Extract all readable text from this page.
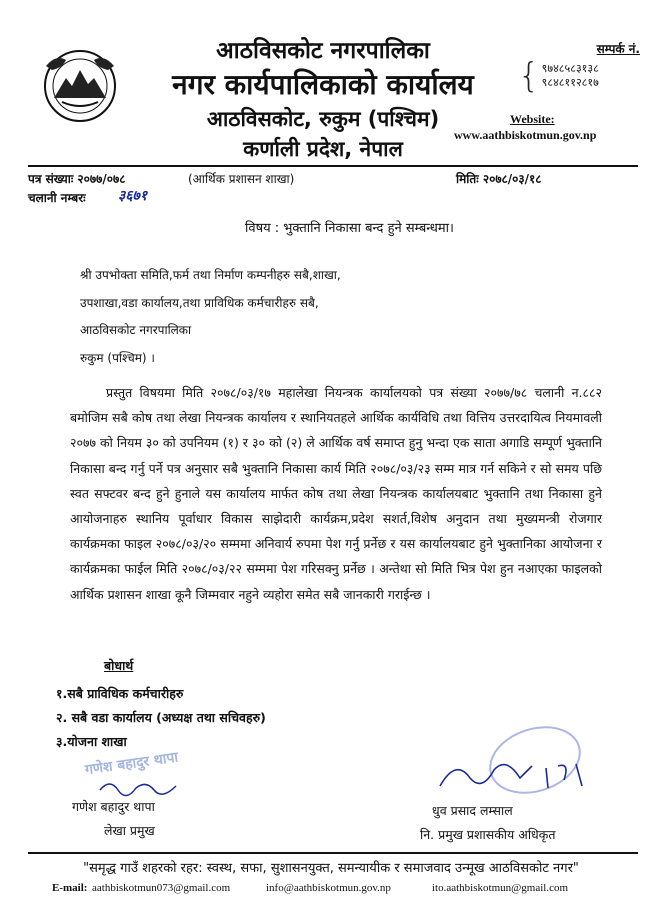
आठविसकोट नगरपालिका
नगर कार्यपालिकाको कार्यालय
आठविसकोट, रुकुम (पश्चिम)
कर्णाली प्रदेश, नेपाल
सम्पर्क नं.
{ ९७४८५८३१३८
९८४८११२८१७
Website:
www.aathbiskotmun.gov.np
पत्र संख्याः २०७७/०७८	(आर्थिक प्रशासन शाखा)	मितिः २०७८/०३/१८
चलानी नम्बरः ३६७१
विषय : भुक्तानि निकासा बन्द हुने सम्बन्धमा।
श्री उपभोक्ता समिति,फर्म तथा निर्माण कम्पनीहरु सबै,शाखा,
उपशाखा,वडा कार्यालय,तथा प्राविधिक कर्मचारीहरु सबै,
आठविसकोट नगरपालिका
रुकुम (पश्चिम) ।
प्रस्तुत विषयमा मिति २०७८/०३/१७ महालेखा नियन्त्रक कार्यालयको पत्र संख्या २०७७/७८ चलानी न.८८२ बमोजिम सबै कोष तथा लेखा नियन्त्रक कार्यालय र स्थानियतहले आर्थिक कार्यविधि तथा वित्तिय उत्तरदायित्व नियमावली २०७७ को नियम ३० को उपनियम (१) र ३० को (२) ले आर्थिक वर्ष समाप्त हुनु भन्दा एक साता अगाडि सम्पूर्ण भुक्तानि निकासा बन्द गर्नु पर्ने पत्र अनुसार सबै भुक्तानि निकासा कार्य मिति २०७८/०३/२३ सम्म मात्र गर्न सकिने र सो समय पछि स्वत सफ्टवर बन्द हुने हुनाले यस कार्यालय मार्फत कोष तथा लेखा नियन्त्रक कार्यालयबाट भुक्तानि तथा निकासा हुने आयोजनाहरु स्थानिय पूर्वाधार विकास साझेदारी कार्यक्रम,प्रदेश सशर्त,विशेष अनुदान तथा मुख्यमन्त्री रोजगार कार्यक्रमका फाइल २०७८/०३/२० सम्ममा अनिवार्य रुपमा पेश गर्नु प्रर्नेछ र यस कार्यालयबाट हुने भुक्तानिका आयोजना र कार्यक्रमका फाईल मिति २०७८/०३/२२ सम्ममा पेश गरिसक्नु प्रर्नेछ । अन्तेथा सो मिति भित्र पेश हुन नआएका फाइलको आर्थिक प्रशासन शाखा कूनै जिम्मवार नहुने व्यहोरा समेत सबै जानकारी गराईन्छ ।
बोधार्थ
१.सबै प्राविधिक कर्मचारीहरु
२. सबै वडा कार्यालय (अध्यक्ष तथा सचिवहरु)
३.योजना शाखा
गणेश बहादुर थापा
गणेश बहादुर थापा
लेखा प्रमुख
धुव प्रसाद लम्साल
नि. प्रमुख प्रशासकीय अधिकृत
"समृद्ध गाउँ शहरको रहर: स्वस्थ, सफा, सुशासनयुक्त, समन्यायीक र समाजवाद उन्मूख आठविसकोट नगर"
E-mail: aathbiskotmun073@gmail.com	info@aathbiskotmun.gov.np	ito.aathbiskotmun@gmail.com
